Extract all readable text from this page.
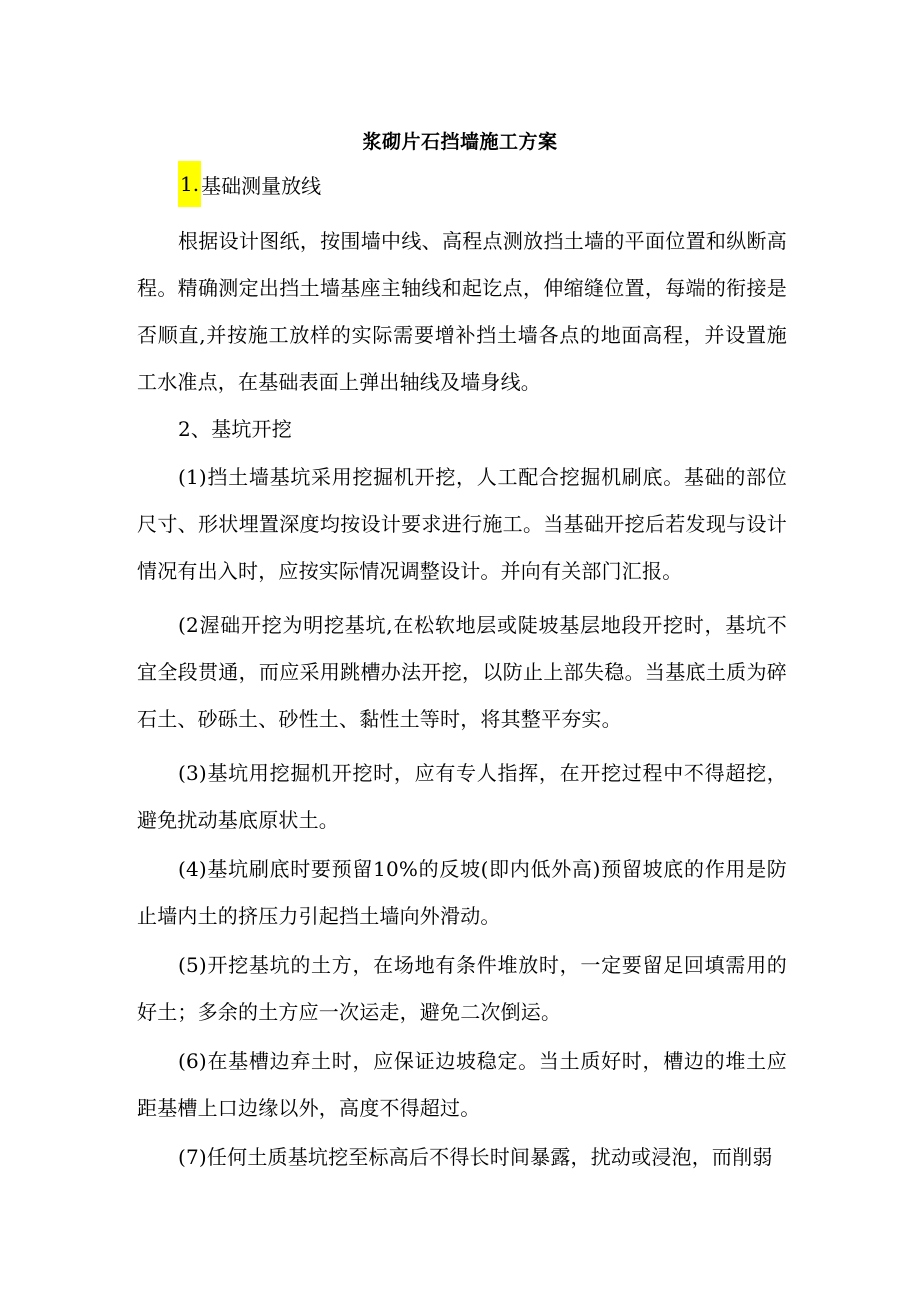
浆砌片石挡墙施工方案
1. 基础测量放线
根据设计图纸，按围墙中线、高程点测放挡土墙的平面位置和纵断高程。精确测定出挡土墙基座主轴线和起讫点，伸缩缝位置，每端的衔接是否顺直,并按施工放样的实际需要增补挡土墙各点的地面高程，并设置施工水准点，在基础表面上弹出轴线及墙身线。
2、基坑开挖
(1)挡土墙基坑采用挖掘机开挖，人工配合挖掘机刷底。基础的部位尺寸、形状埋置深度均按设计要求进行施工。当基础开挖后若发现与设计情况有出入时，应按实际情况调整设计。并向有关部门汇报。
(2渥础开挖为明挖基坑,在松软地层或陡坡基层地段开挖时，基坑不宜全段贯通，而应采用跳槽办法开挖，以防止上部失稳。当基底土质为碎石土、砂砾土、砂性土、黏性土等时，将其整平夯实。
(3)基坑用挖掘机开挖时，应有专人指挥，在开挖过程中不得超挖，避免扰动基底原状土。
(4)基坑刷底时要预留10%的反坡(即内低外高)预留坡底的作用是防止墙内土的挤压力引起挡土墙向外滑动。
(5)开挖基坑的土方，在场地有条件堆放时，一定要留足回填需用的好土；多余的土方应一次运走，避免二次倒运。
(6)在基槽边弃土时，应保证边坡稳定。当土质好时，槽边的堆土应距基槽上口边缘以外，高度不得超过。
(7)任何土质基坑挖至标高后不得长时间暴露，扰动或浸泡，而削弱
